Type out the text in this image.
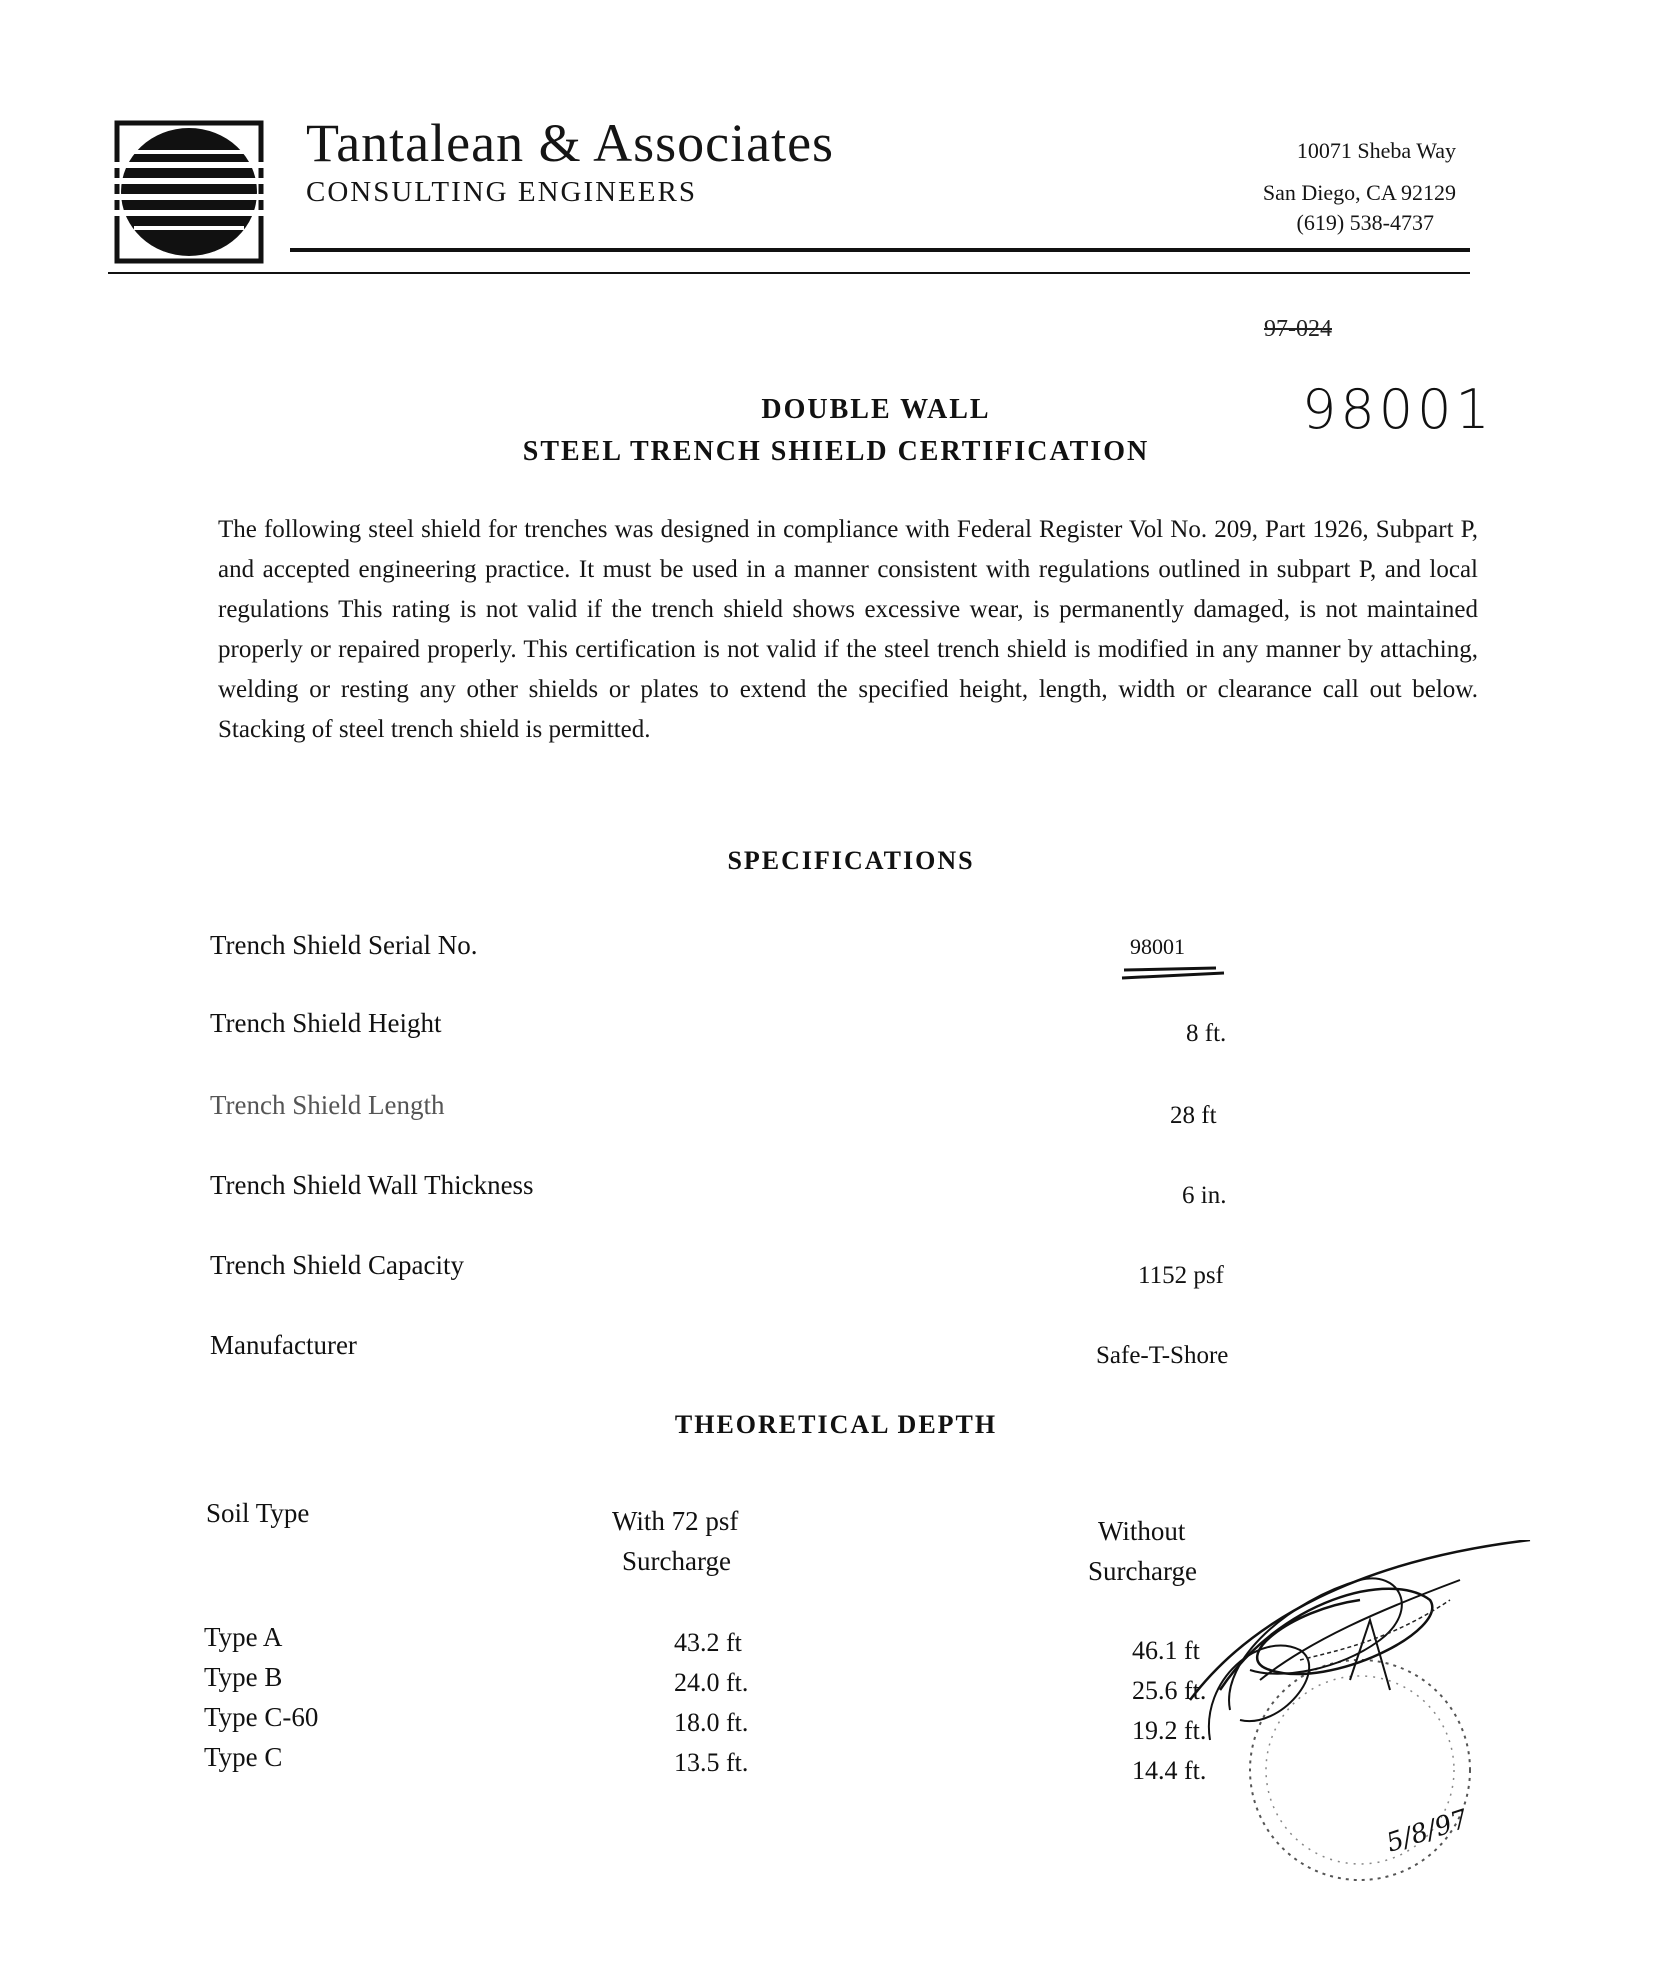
Tantalean & Associates
CONSULTING ENGINEERS
10071 Sheba Way
San Diego, CA 92129
(619) 538-4737
97-024
98001
DOUBLE WALL
STEEL TRENCH SHIELD CERTIFICATION
The following steel shield for trenches was designed in compliance with Federal Register Vol No. 209, Part 1926, Subpart P, and accepted engineering practice. It must be used in a manner consistent with regulations outlined in subpart P, and local regulations This rating is not valid if the trench shield shows excessive wear, is permanently damaged, is not maintained properly or repaired properly. This certification is not valid if the steel trench shield is modified in any manner by attaching, welding or resting any other shields or plates to extend the specified height, length, width or clearance call out below. Stacking of steel trench shield is permitted.
SPECIFICATIONS
Trench Shield Serial No.	98001
Trench Shield Height	8 ft.
Trench Shield Length	28 ft
Trench Shield Wall Thickness	6 in.
Trench Shield Capacity	1152 psf
Manufacturer	Safe-T-Shore
THEORETICAL DEPTH
Soil Type	With 72 psf
Surcharge
Without
Surcharge
Type A	43.2 ft	46.1 ft
Type B	24.0 ft.	25.6 ft.
Type C-60	18.0 ft.	19.2 ft.
Type C	13.5 ft.	14.4 ft.
5/8/97
